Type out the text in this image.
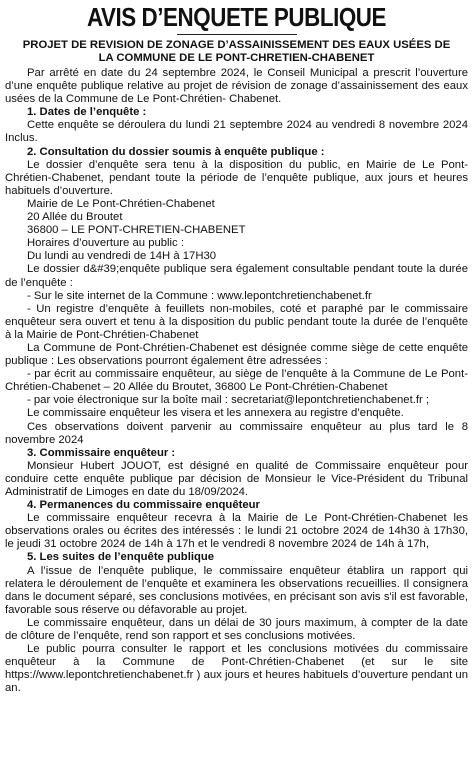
AVIS D’ENQUETE PUBLIQUE
PROJET DE REVISION DE ZONAGE D’ASSAINISSEMENT DES EAUX USÉES DE
LA COMMUNE DE LE PONT-CHRETIEN-CHABENET

Par arrêté en date du 24 septembre 2024, le Conseil Municipal a prescrit l’ouverture d’une enquête publique relative au projet de révision de zonage d’assainissement des eaux usées de la Commune de Le Pont-Chrétien- Chabenet.

1. Dates de l’enquête :

Cette enquête se déroulera du lundi 21 septembre 2024 au vendredi 8 novembre 2024 Inclus.

2. Consultation du dossier soumis à enquête publique :

Le dossier d’enquête sera tenu à la disposition du public, en Mairie de Le Pont-Chrétien-Chabenet, pendant toute la période de l’enquête publique, aux jours et heures habituels d’ouverture.

Mairie de Le Pont-Chrétien-Chabenet

20 Allée du Broutet

36800 – LE PONT-CHRETIEN-CHABENET

Horaires d’ouverture au public :

Du lundi au vendredi de 14H à 17H30

Le dossier d&#39;enquête publique sera également consultable pendant toute la durée de l’enquête :

- Sur le site internet de la Commune : www.lepontchretienchabenet.fr

- Un registre d’enquête à feuillets non-mobiles, coté et paraphé par le commissaire enquêteur sera ouvert et tenu à la disposition du public pendant toute la durée de l’enquête à la Mairie de Pont-Chrétien-Chabenet

La Commune de Pont-Chrétien-Chabenet est désignée comme siège de cette enquête publique : Les observations pourront également être adressées :

- par écrit au commissaire enquêteur, au siège de l’enquête à la Commune de Le Pont-Chrétien-Chabenet – 20 Allée du Broutet, 36800 Le Pont-Chrétien-Chabenet

- par voie électronique sur la boîte mail : secretariat@lepontchretienchabenet.fr ;

Le commissaire enquêteur les visera et les annexera au registre d’enquête.

Ces observations doivent parvenir au commissaire enquêteur au plus tard le 8 novembre 2024

3. Commissaire enquêteur :

Monsieur Hubert JOUOT, est désigné en qualité de Commissaire enquêteur pour conduire cette enquête publique par décision de Monsieur le Vice-Président du Tribunal Administratif de Limoges en date du 18/09/2024.

4. Permanences du commissaire enquêteur

Le commissaire enquêteur recevra à la Mairie de Le Pont-Chrétien-Chabenet les observations orales ou écrites des intéressés : le lundi 21 octobre 2024 de 14h30 à 17h30, le jeudi 31 octobre 2024 de 14h à 17h et le vendredi 8 novembre 2024 de 14h à 17h,

5. Les suites de l’enquête publique

A l’issue de l’enquête publique, le commissaire enquêteur établira un rapport qui relatera le déroulement de l’enquête et examinera les observations recueillies. Il consignera dans le document séparé, ses conclusions motivées, en précisant son avis s'il est favorable, favorable sous réserve ou défavorable au projet.

Le commissaire enquêteur, dans un délai de 30 jours maximum, à compter de la date de clôture de l’enquête, rend son rapport et ses conclusions motivées.

Le public pourra consulter le rapport et les conclusions motivées du commissaire enquêteur à la Commune de Pont-Chrétien-Chabenet (et sur le site https://www.lepontchretienchabenet.fr ) aux jours et heures habituels d’ouverture pendant un an.
